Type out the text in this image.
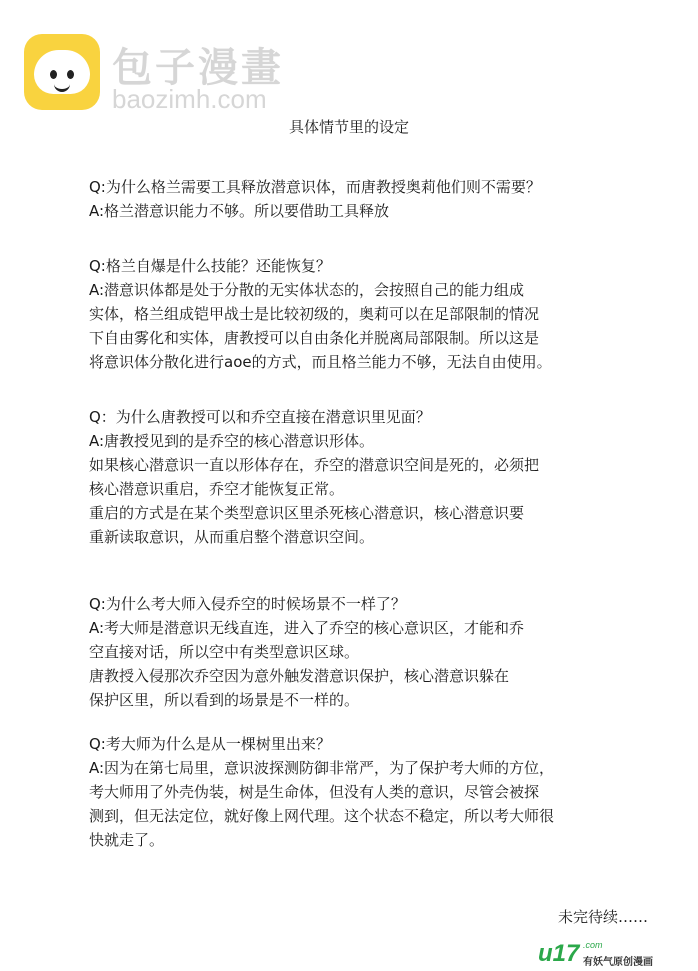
包子漫畫
baozimh.com
具体情节里的设定
Q:为什么格兰需要工具释放潜意识体，而唐教授奥莉他们则不需要？
A:格兰潜意识能力不够。所以要借助工具释放
Q:格兰自爆是什么技能？还能恢复？
A:潜意识体都是处于分散的无实体状态的，会按照自己的能力组成
实体，格兰组成铠甲战士是比较初级的，奥莉可以在足部限制的情况
下自由雾化和实体，唐教授可以自由条化并脱离局部限制。所以这是
将意识体分散化进行aoe的方式，而且格兰能力不够，无法自由使用。
Q：为什么唐教授可以和乔空直接在潜意识里见面？
A:唐教授见到的是乔空的核心潜意识形体。
如果核心潜意识一直以形体存在，乔空的潜意识空间是死的，必须把
核心潜意识重启，乔空才能恢复正常。
重启的方式是在某个类型意识区里杀死核心潜意识，核心潜意识要
重新读取意识，从而重启整个潜意识空间。
Q:为什么考大师入侵乔空的时候场景不一样了？
A:考大师是潜意识无线直连，进入了乔空的核心意识区，才能和乔
空直接对话，所以空中有类型意识区球。
唐教授入侵那次乔空因为意外触发潜意识保护，核心潜意识躲在
保护区里，所以看到的场景是不一样的。
Q:考大师为什么是从一棵树里出来？
A:因为在第七局里，意识波探测防御非常严，为了保护考大师的方位，
考大师用了外壳伪装，树是生命体，但没有人类的意识，尽管会被探
测到，但无法定位，就好像上网代理。这个状态不稳定，所以考大师很
快就走了。
未完待续……
u17 .com
有妖气原创漫画
